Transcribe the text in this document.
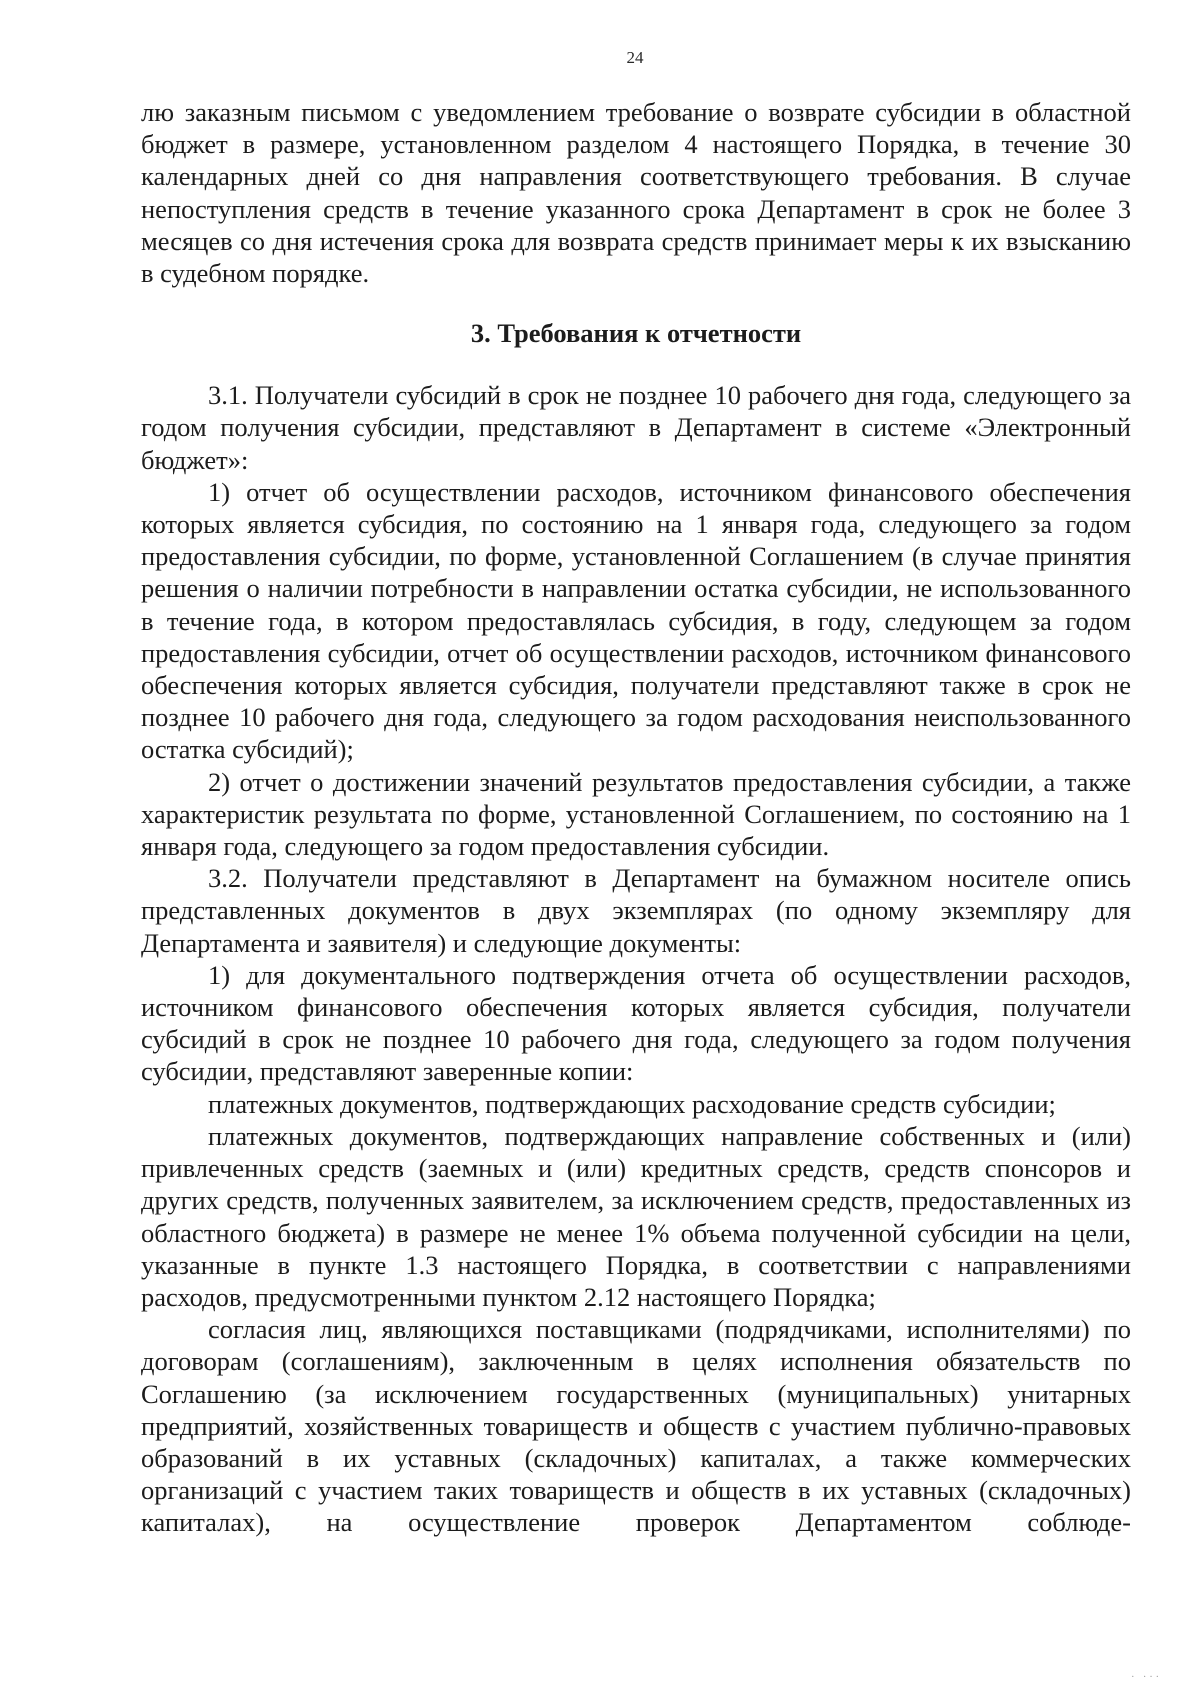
24

лю заказным письмом с уведомлением требование о возврате субсидии в областной бюджет в размере, установленном разделом 4 настоящего Порядка, в течение 30 календарных дней со дня направления соответствующего требования. В случае непоступления средств в течение указанного срока Департамент в срок не более 3 месяцев со дня истечения срока для возврата средств принимает меры к их взысканию в судебном порядке.

3. Требования к отчетности

3.1. Получатели субсидий в срок не позднее 10 рабочего дня года, следующего за годом получения субсидии, представляют в Департамент в системе «Электронный бюджет»:

1) отчет об осуществлении расходов, источником финансового обеспечения которых является субсидия, по состоянию на 1 января года, следующего за годом предоставления субсидии, по форме, установленной Соглашением (в случае принятия решения о наличии потребности в направлении остатка субсидии, не использованного в течение года, в котором предоставлялась субсидия, в году, следующем за годом предоставления субсидии, отчет об осуществлении расходов, источником финансового обеспечения которых является субсидия, получатели представляют также в срок не позднее 10 рабочего дня года, следующего за годом расходования неиспользованного остатка субсидий);

2) отчет о достижении значений результатов предоставления субсидии, а также характеристик результата по форме, установленной Соглашением, по состоянию на 1 января года, следующего за годом предоставления субсидии.

3.2. Получатели представляют в Департамент на бумажном носителе опись представленных документов в двух экземплярах (по одному экземпляру для Департамента и заявителя) и следующие документы:

1) для документального подтверждения отчета об осуществлении расходов, источником финансового обеспечения которых является субсидия, получатели субсидий в срок не позднее 10 рабочего дня года, следующего за годом получения субсидии, представляют заверенные копии:

платежных документов, подтверждающих расходование средств субсидии;

платежных документов, подтверждающих направление собственных и (или) привлеченных средств (заемных и (или) кредитных средств, средств спонсоров и других средств, полученных заявителем, за исключением средств, предоставленных из областного бюджета) в размере не менее 1% объема полученной субсидии на цели, указанные в пункте 1.3 настоящего Порядка, в соответствии с направлениями расходов, предусмотренными пунктом 2.12 настоящего Порядка;

согласия лиц, являющихся поставщиками (подрядчиками, исполнителями) по договорам (соглашениям), заключенным в целях исполнения обязательств по Соглашению (за исключением государственных (муниципальных) унитарных предприятий, хозяйственных товариществ и обществ с участием публично-правовых образований в их уставных (складочных) капиталах, а также коммерческих организаций с участием таких товариществ и обществ в их уставных (складочных) капиталах), на осуществление проверок Департаментом соблюде-

· ···
